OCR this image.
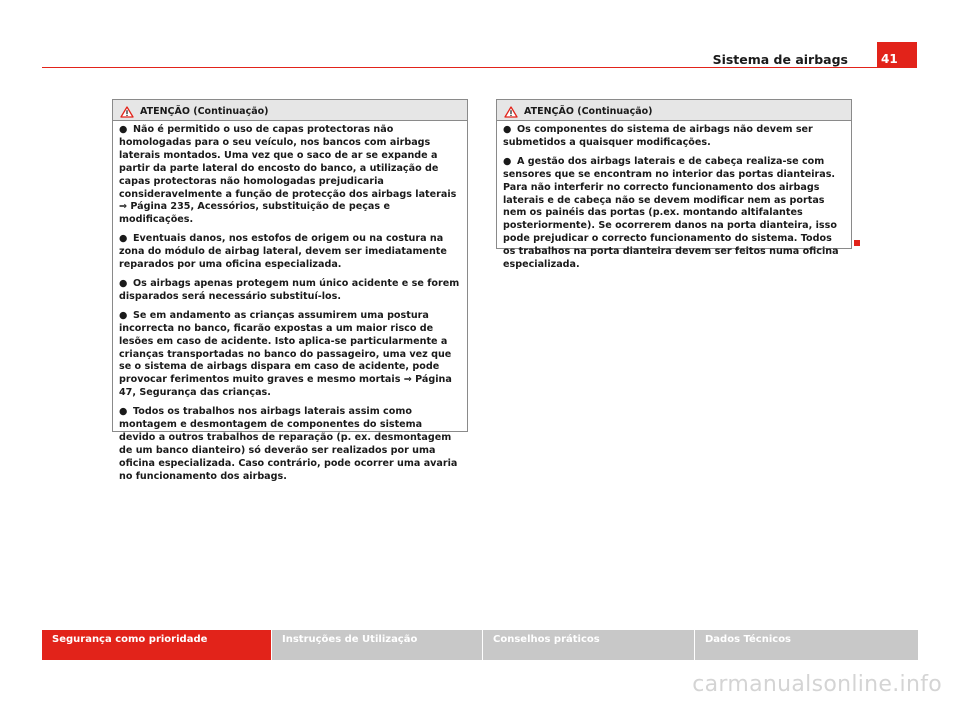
Sistema de airbags	41
ATENÇÃO (Continuação)

● Não é permitido o uso de capas protectoras não homologadas para o seu veículo, nos bancos com airbags laterais montados. Uma vez que o saco de ar se expande a partir da parte lateral do encosto do banco, a utilização de capas protectoras não homologadas prejudicaria consideravelmente a função de protecção dos airbags laterais ⇒ Página 235, Acessórios, substituição de peças e modificações.

● Eventuais danos, nos estofos de origem ou na costura na zona do módulo de airbag lateral, devem ser imediatamente reparados por uma oficina especializada.

● Os airbags apenas protegem num único acidente e se forem disparados será necessário substituí-los.

● Se em andamento as crianças assumirem uma postura incorrecta no banco, ficarão expostas a um maior risco de lesões em caso de acidente. Isto aplica-se particularmente a crianças transportadas no banco do passageiro, uma vez que se o sistema de airbags dispara em caso de acidente, pode provocar ferimentos muito graves e mesmo mortais ⇒ Página 47, Segurança das crianças.

● Todos os trabalhos nos airbags laterais assim como montagem e desmontagem de componentes do sistema devido a outros trabalhos de reparação (p. ex. desmontagem de um banco dianteiro) só deverão ser realizados por uma oficina especializada. Caso contrário, pode ocorrer uma avaria no funcionamento dos airbags.

ATENÇÃO (Continuação)

● Os componentes do sistema de airbags não devem ser submetidos a quaisquer modificações.

● A gestão dos airbags laterais e de cabeça realiza-se com sensores que se encontram no interior das portas dianteiras. Para não interferir no correcto funcionamento dos airbags laterais e de cabeça não se devem modificar nem as portas nem os painéis das portas (p.ex. montando altifalantes posteriormente). Se ocorrerem danos na porta dianteira, isso pode prejudicar o correcto funcionamento do sistema. Todos os trabalhos na porta dianteira devem ser feitos numa oficina especializada.

Segurança como prioridade	Instruções de Utilização	Conselhos práticos	Dados Técnicos
carmanualsonline.info
